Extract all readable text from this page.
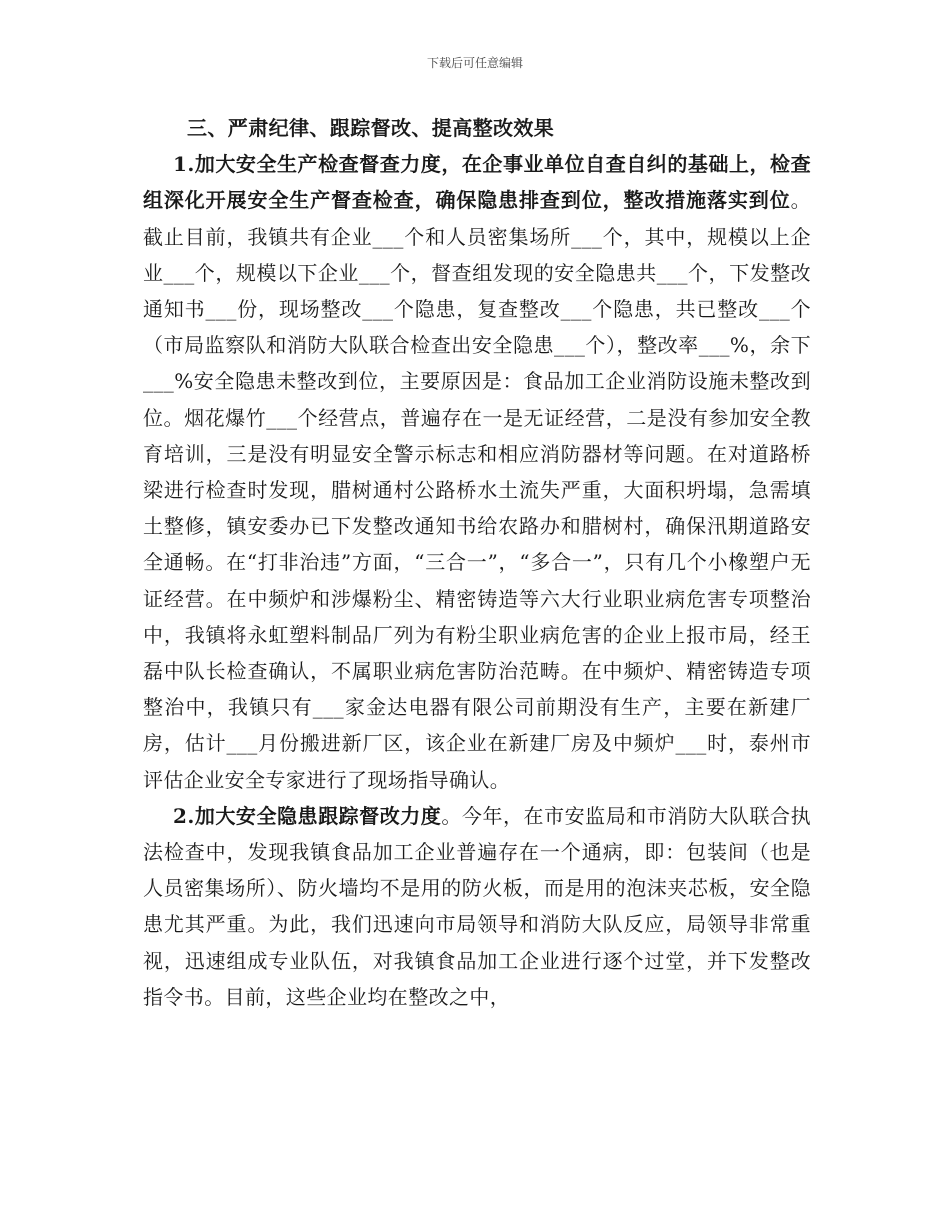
下载后可任意编辑

三、严肃纪律、跟踪督改、提高整改效果

1.加大安全生产检查督查力度，在企事业单位自查自纠的基础上，检查组深化开展安全生产督查检查，确保隐患排查到位，整改措施落实到位。截止目前，我镇共有企业___个和人员密集场所___个，其中，规模以上企业___个，规模以下企业___个，督查组发现的安全隐患共___个，下发整改通知书___份，现场整改___个隐患，复查整改___个隐患，共已整改___个（市局监察队和消防大队联合检查出安全隐患___个），整改率___%，余下___%安全隐患未整改到位，主要原因是：食品加工企业消防设施未整改到位。烟花爆竹___个经营点，普遍存在一是无证经营，二是没有参加安全教育培训，三是没有明显安全警示标志和相应消防器材等问题。在对道路桥梁进行检查时发现，腊树通村公路桥水土流失严重，大面积坍塌，急需填土整修，镇安委办已下发整改通知书给农路办和腊树村，确保汛期道路安全通畅。在“打非治违”方面，“三合一”，“多合一”，只有几个小橡塑户无证经营。在中频炉和涉爆粉尘、精密铸造等六大行业职业病危害专项整治中，我镇将永虹塑料制品厂列为有粉尘职业病危害的企业上报市局，经王磊中队长检查确认，不属职业病危害防治范畴。在中频炉、精密铸造专项整治中，我镇只有___家金达电器有限公司前期没有生产，主要在新建厂房，估计___月份搬进新厂区，该企业在新建厂房及中频炉___时，泰州市评估企业安全专家进行了现场指导确认。

2.加大安全隐患跟踪督改力度。今年，在市安监局和市消防大队联合执法检查中，发现我镇食品加工企业普遍存在一个通病，即：包装间（也是人员密集场所）、防火墙均不是用的防火板，而是用的泡沫夹芯板，安全隐患尤其严重。为此，我们迅速向市局领导和消防大队反应，局领导非常重视，迅速组成专业队伍，对我镇食品加工企业进行逐个过堂，并下发整改指令书。目前，这些企业均在整改之中，
